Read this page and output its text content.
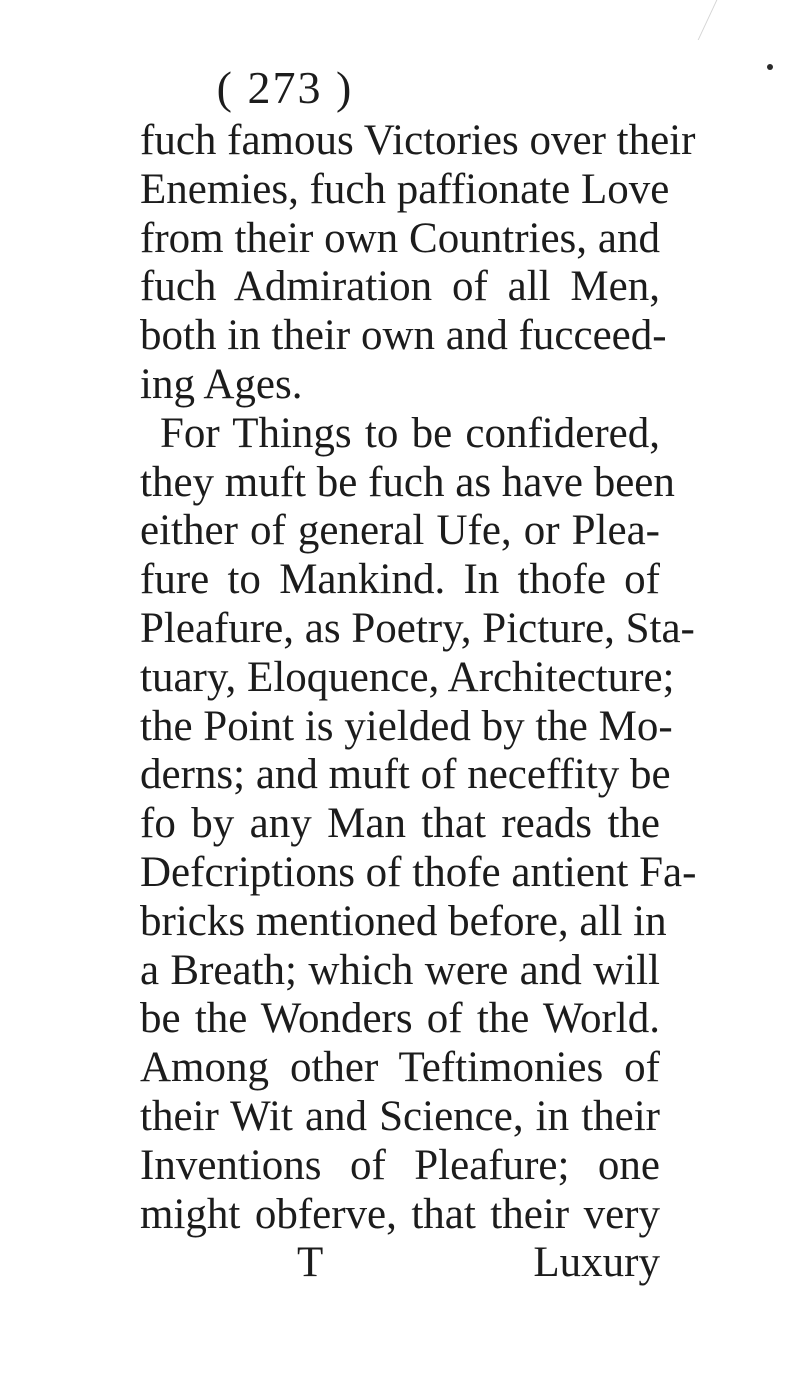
( 273 )
fuch famous Victories over their
Enemies, fuch paffionate Love
from their own Countries, and
fuch Admiration of all Men,
both in their own and fucceed-
ing Ages.
For Things to be confidered,
they muft be fuch as have been
either of general Ufe, or Plea-
fure to Mankind. In thofe of
Pleafure, as Poetry, Picture, Sta-
tuary, Eloquence, Architecture;
the Point is yielded by the Mo-
derns; and muft of neceffity be
fo by any Man that reads the
Defcriptions of thofe antient Fa-
bricks mentioned before, all in
a Breath; which were and will
be the Wonders of the World.
Among other Teftimonies of
their Wit and Science, in their
Inventions of Pleafure; one
might obferve, that their very
T	Luxury
